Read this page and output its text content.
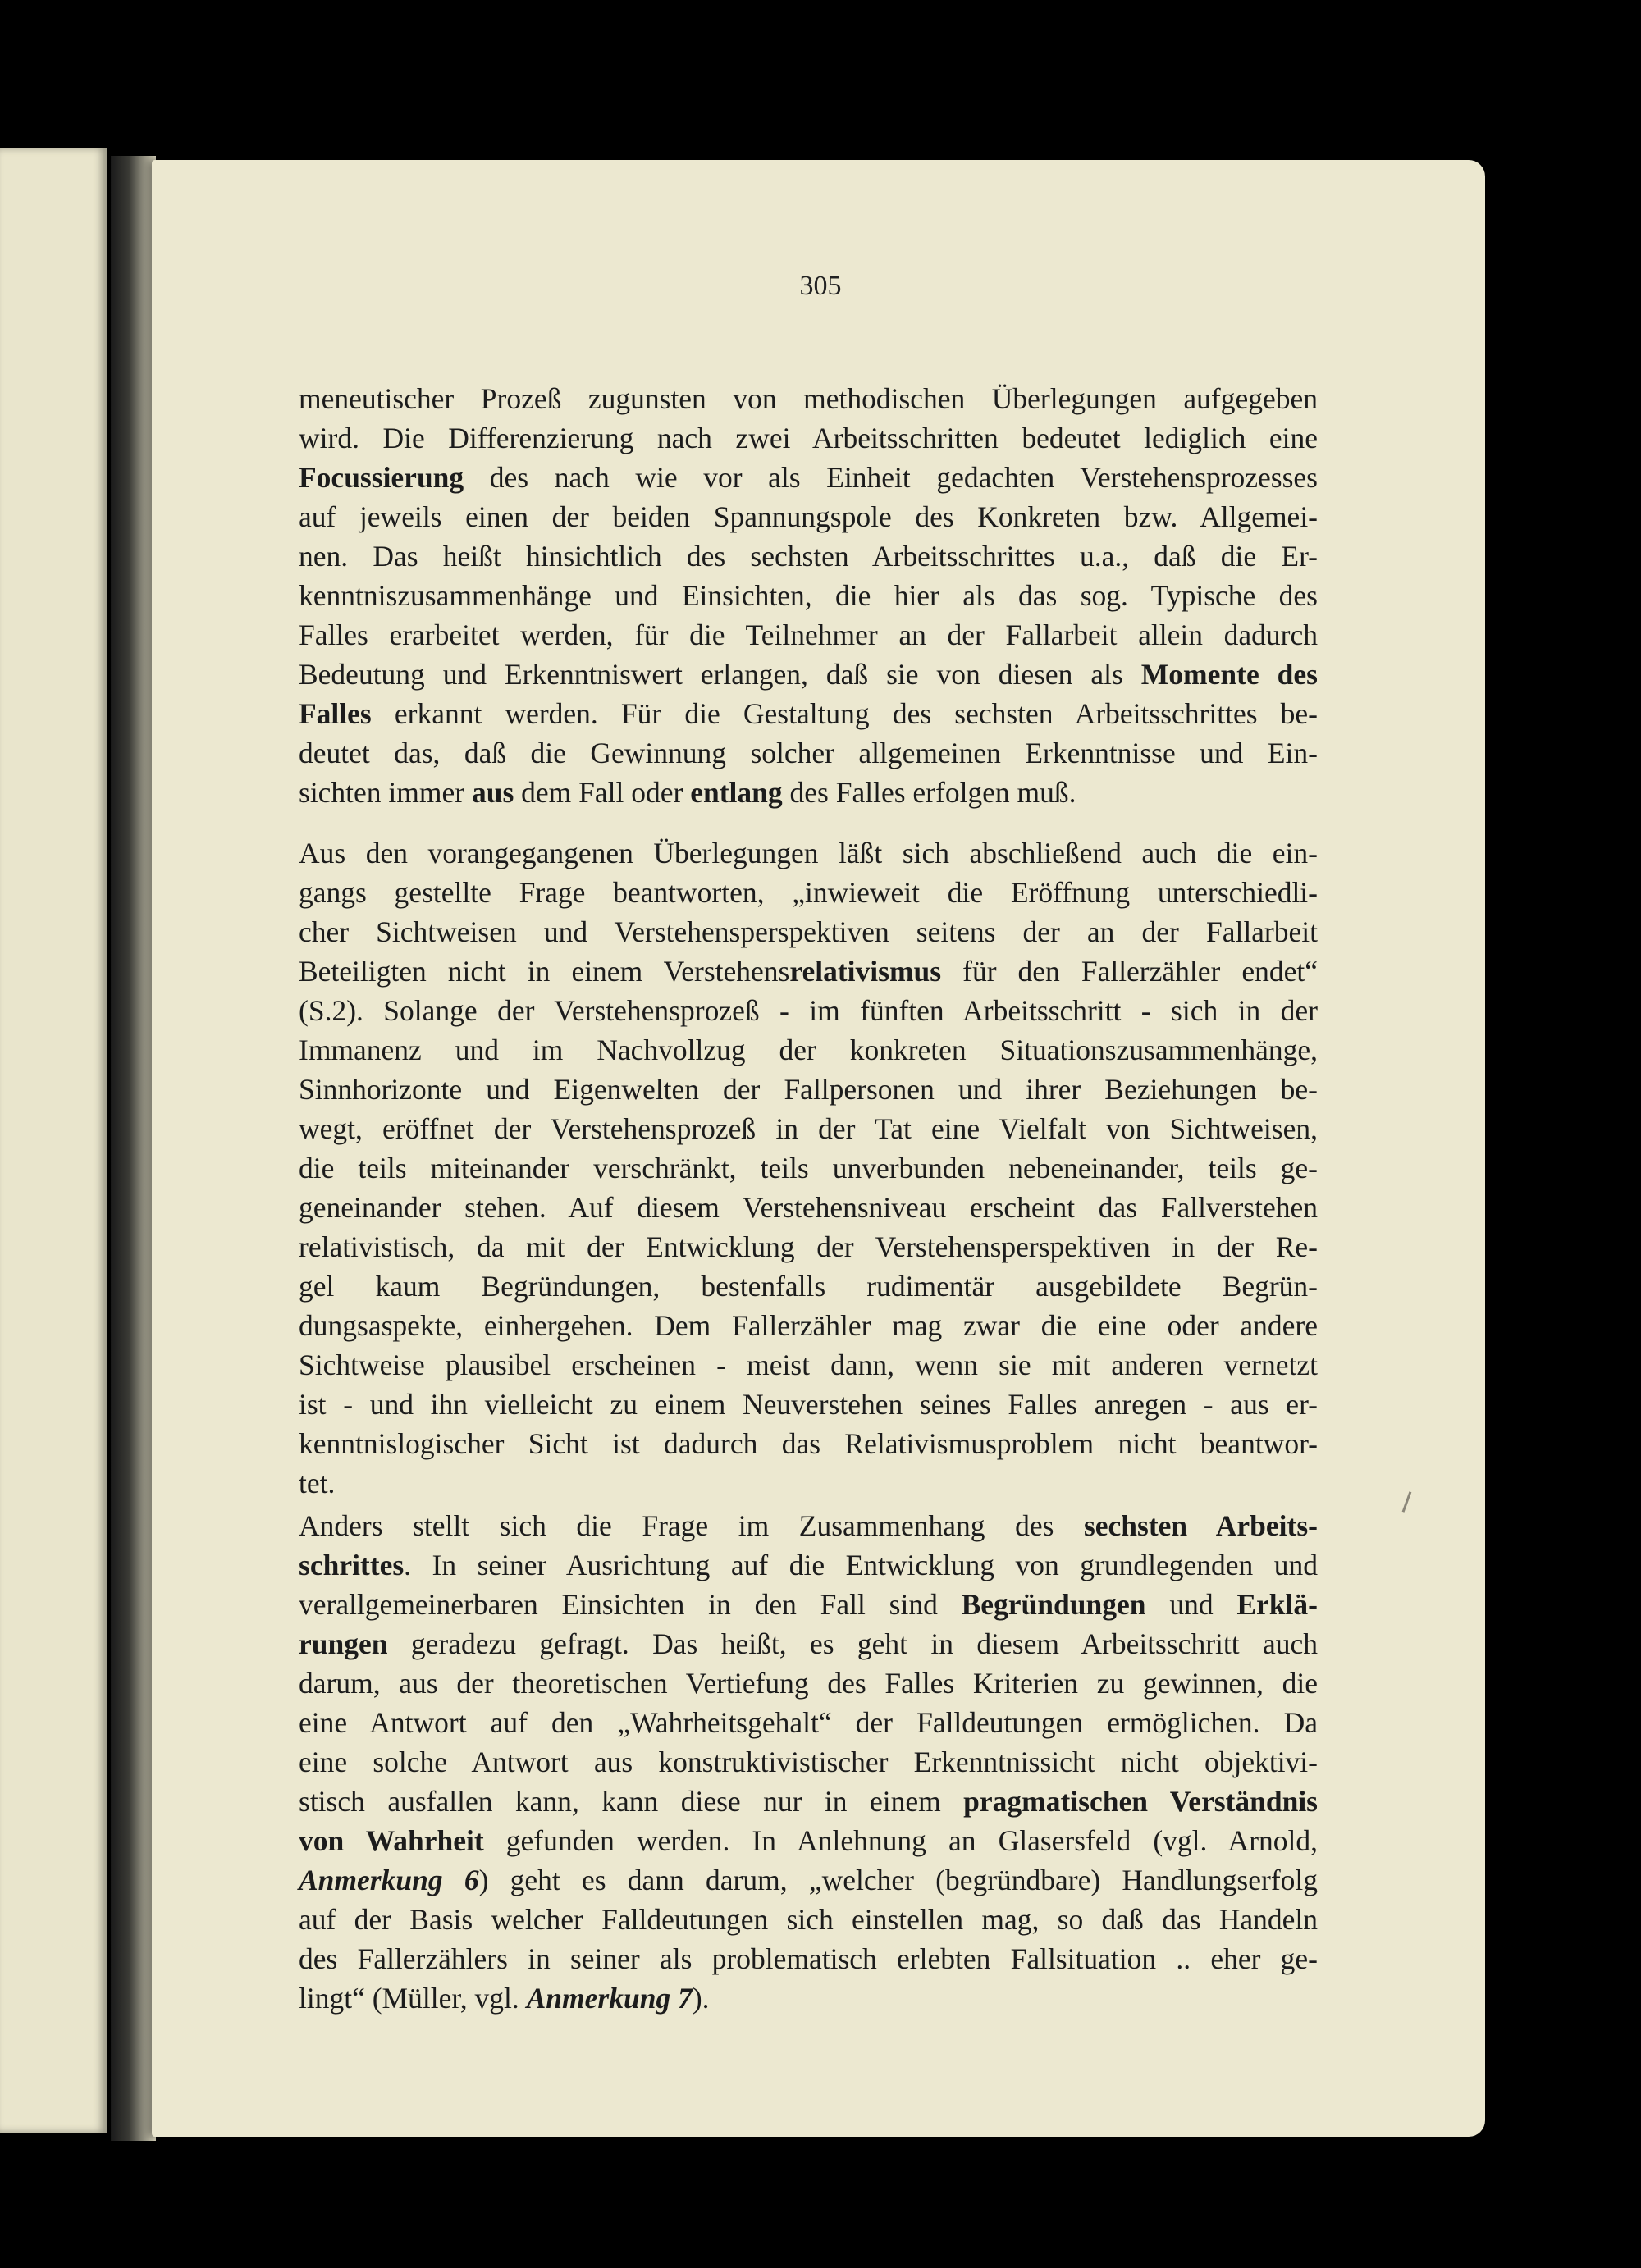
305
meneutischer Prozeß zugunsten von methodischen Überlegungen aufgegeben
wird. Die Differenzierung nach zwei Arbeitsschritten bedeutet lediglich eine
Focussierung des nach wie vor als Einheit gedachten Verstehensprozesses
auf jeweils einen der beiden Spannungspole des Konkreten bzw. Allgemei-
nen. Das heißt hinsichtlich des sechsten Arbeitsschrittes u.a., daß die Er-
kenntniszusammenhänge und Einsichten, die hier als das sog. Typische des
Falles erarbeitet werden, für die Teilnehmer an der Fallarbeit allein dadurch
Bedeutung und Erkenntniswert erlangen, daß sie von diesen als Momente des
Falles erkannt werden. Für die Gestaltung des sechsten Arbeitsschrittes be-
deutet das, daß die Gewinnung solcher allgemeinen Erkenntnisse und Ein-
sichten immer aus dem Fall oder entlang des Falles erfolgen muß.
Aus den vorangegangenen Überlegungen läßt sich abschließend auch die ein-
gangs gestellte Frage beantworten, „inwieweit die Eröffnung unterschiedli-
cher Sichtweisen und Verstehensperspektiven seitens der an der Fallarbeit
Beteiligten nicht in einem Verstehensrelativismus für den Fallerzähler endet“
(S.2). Solange der Verstehensprozeß - im fünften Arbeitsschritt - sich in der
Immanenz und im Nachvollzug der konkreten Situationszusammenhänge,
Sinnhorizonte und Eigenwelten der Fallpersonen und ihrer Beziehungen be-
wegt, eröffnet der Verstehensprozeß in der Tat eine Vielfalt von Sichtweisen,
die teils miteinander verschränkt, teils unverbunden nebeneinander, teils ge-
geneinander stehen. Auf diesem Verstehensniveau erscheint das Fallverstehen
relativistisch, da mit der Entwicklung der Verstehensperspektiven in der Re-
gel kaum Begründungen, bestenfalls rudimentär ausgebildete Begrün-
dungsaspekte, einhergehen. Dem Fallerzähler mag zwar die eine oder andere
Sichtweise plausibel erscheinen - meist dann, wenn sie mit anderen vernetzt
ist - und ihn vielleicht zu einem Neuverstehen seines Falles anregen - aus er-
kenntnislogischer Sicht ist dadurch das Relativismusproblem nicht beantwor-
tet.
Anders stellt sich die Frage im Zusammenhang des sechsten Arbeits-
schrittes. In seiner Ausrichtung auf die Entwicklung von grundlegenden und
verallgemeinerbaren Einsichten in den Fall sind Begründungen und Erklä-
rungen geradezu gefragt. Das heißt, es geht in diesem Arbeitsschritt auch
darum, aus der theoretischen Vertiefung des Falles Kriterien zu gewinnen, die
eine Antwort auf den „Wahrheitsgehalt“ der Falldeutungen ermöglichen. Da
eine solche Antwort aus konstruktivistischer Erkenntnissicht nicht objektivi-
stisch ausfallen kann, kann diese nur in einem pragmatischen Verständnis
von Wahrheit gefunden werden. In Anlehnung an Glasersfeld (vgl. Arnold,
Anmerkung 6) geht es dann darum, „welcher (begründbare) Handlungserfolg
auf der Basis welcher Falldeutungen sich einstellen mag, so daß das Handeln
des Fallerzählers in seiner als problematisch erlebten Fallsituation .. eher ge-
lingt“ (Müller, vgl. Anmerkung 7).
